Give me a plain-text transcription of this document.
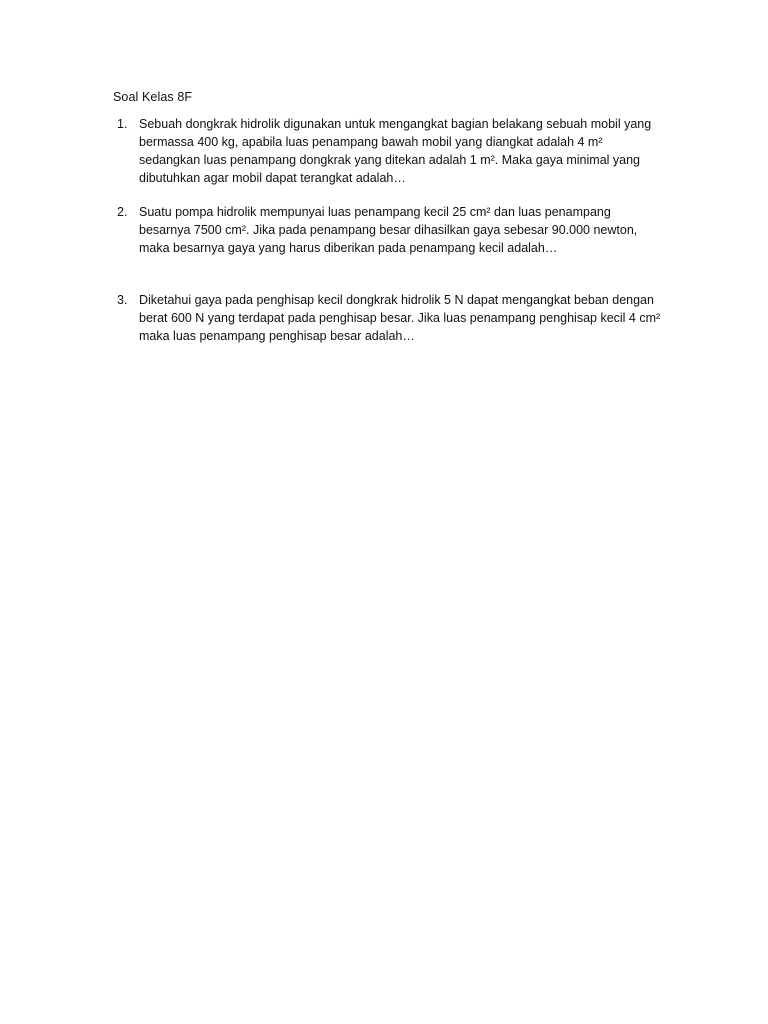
Soal Kelas 8F
1. Sebuah dongkrak hidrolik digunakan untuk mengangkat bagian belakang sebuah mobil yang
bermassa 400 kg, apabila luas penampang bawah mobil yang diangkat adalah 4 m²
sedangkan luas penampang dongkrak yang ditekan adalah 1 m². Maka gaya minimal yang
dibutuhkan agar mobil dapat terangkat adalah…
2. Suatu pompa hidrolik mempunyai luas penampang kecil 25 cm² dan luas penampang
besarnya 7500 cm². Jika pada penampang besar dihasilkan gaya sebesar 90.000 newton,
maka besarnya gaya yang harus diberikan pada penampang kecil adalah…
3. Diketahui gaya pada penghisap kecil dongkrak hidrolik 5 N dapat mengangkat beban dengan
berat 600 N yang terdapat pada penghisap besar. Jika luas penampang penghisap kecil 4 cm²
maka luas penampang penghisap besar adalah…
